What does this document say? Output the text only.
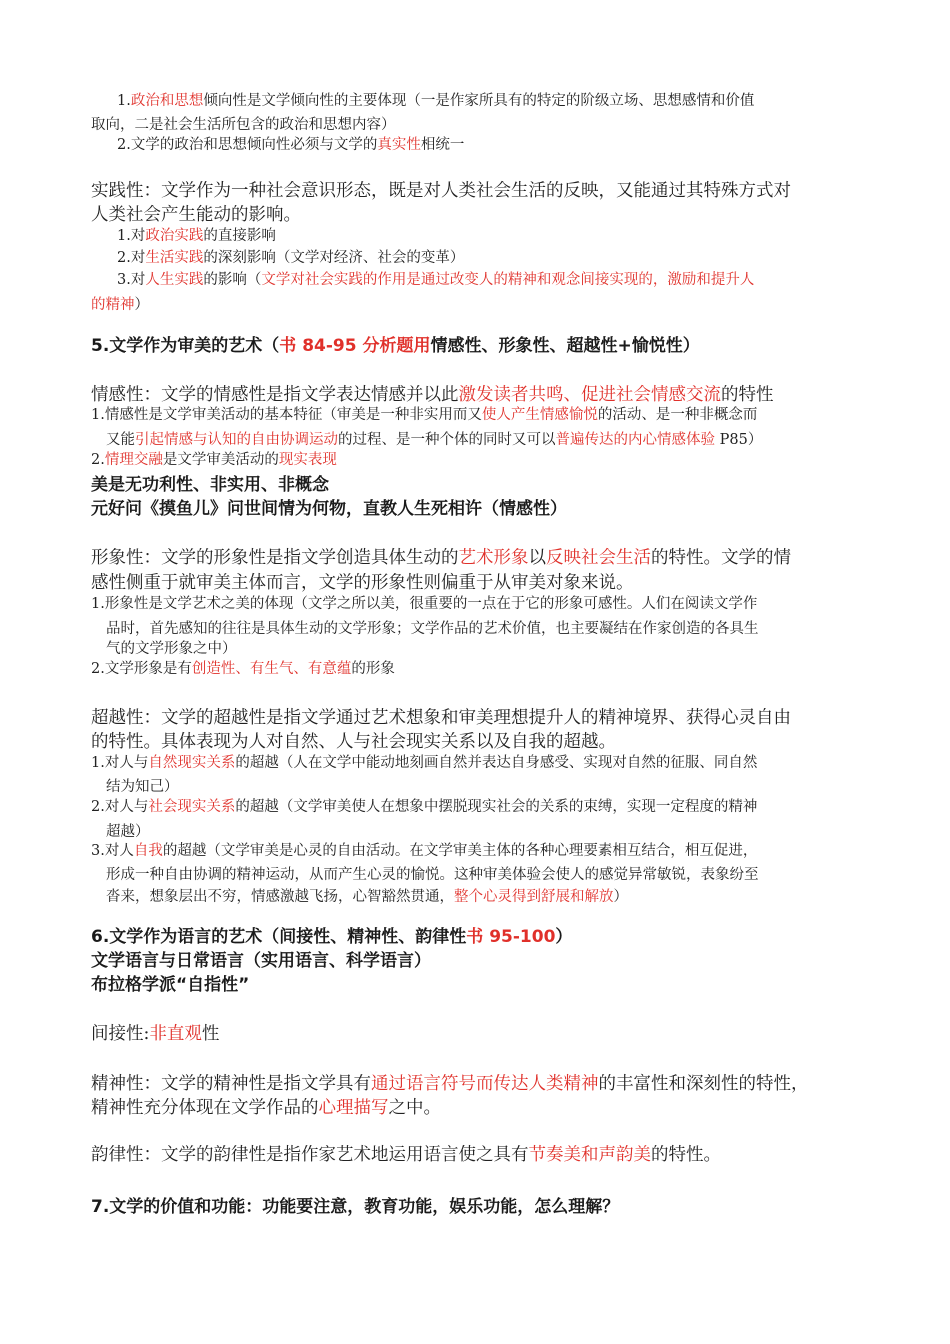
1.政治和思想倾向性是文学倾向性的主要体现（一是作家所具有的特定的阶级立场、思想感情和价值
取向，二是社会生活所包含的政治和思想内容）
2.文学的政治和思想倾向性必须与文学的真实性相统一
实践性：文学作为一种社会意识形态，既是对人类社会生活的反映，又能通过其特殊方式对
人类社会产生能动的影响。
1.对政治实践的直接影响
2.对生活实践的深刻影响（文学对经济、社会的变革）
3.对人生实践的影响（文学对社会实践的作用是通过改变人的精神和观念间接实现的，激励和提升人
的精神）
5.文学作为审美的艺术（书 84-95 分析题用情感性、形象性、超越性+愉悦性）
情感性：文学的情感性是指文学表达情感并以此激发读者共鸣、促进社会情感交流的特性
1.情感性是文学审美活动的基本特征（审美是一种非实用而又使人产生情感愉悦的活动、是一种非概念而
又能引起情感与认知的自由协调运动的过程、是一种个体的同时又可以普遍传达的内心情感体验 P85）
2.情理交融是文学审美活动的现实表现
美是无功利性、非实用、非概念
元好问《摸鱼儿》问世间情为何物，直教人生死相许（情感性）
形象性：文学的形象性是指文学创造具体生动的艺术形象以反映社会生活的特性。文学的情
感性侧重于就审美主体而言，文学的形象性则偏重于从审美对象来说。
1.形象性是文学艺术之美的体现（文学之所以美，很重要的一点在于它的形象可感性。人们在阅读文学作
品时，首先感知的往往是具体生动的文学形象；文学作品的艺术价值，也主要凝结在作家创造的各具生
气的文学形象之中）
2.文学形象是有创造性、有生气、有意蕴的形象
超越性：文学的超越性是指文学通过艺术想象和审美理想提升人的精神境界、获得心灵自由
的特性。具体表现为人对自然、人与社会现实关系以及自我的超越。
1.对人与自然现实关系的超越（人在文学中能动地刻画自然并表达自身感受、实现对自然的征服、同自然
结为知己）
2.对人与社会现实关系的超越（文学审美使人在想象中摆脱现实社会的关系的束缚，实现一定程度的精神
超越）
3.对人自我的超越（文学审美是心灵的自由活动。在文学审美主体的各种心理要素相互结合，相互促进，
形成一种自由协调的精神运动，从而产生心灵的愉悦。这种审美体验会使人的感觉异常敏锐，表象纷至
沓来，想象层出不穷，情感激越飞扬，心智豁然贯通，整个心灵得到舒展和解放）
6.文学作为语言的艺术（间接性、精神性、韵律性书 95-100）
文学语言与日常语言（实用语言、科学语言）
布拉格学派“自指性”
间接性:非直观性
精神性：文学的精神性是指文学具有通过语言符号而传达人类精神的丰富性和深刻性的特性，
精神性充分体现在文学作品的心理描写之中。
韵律性：文学的韵律性是指作家艺术地运用语言使之具有节奏美和声韵美的特性。
7.文学的价值和功能：功能要注意，教育功能，娱乐功能，怎么理解？
